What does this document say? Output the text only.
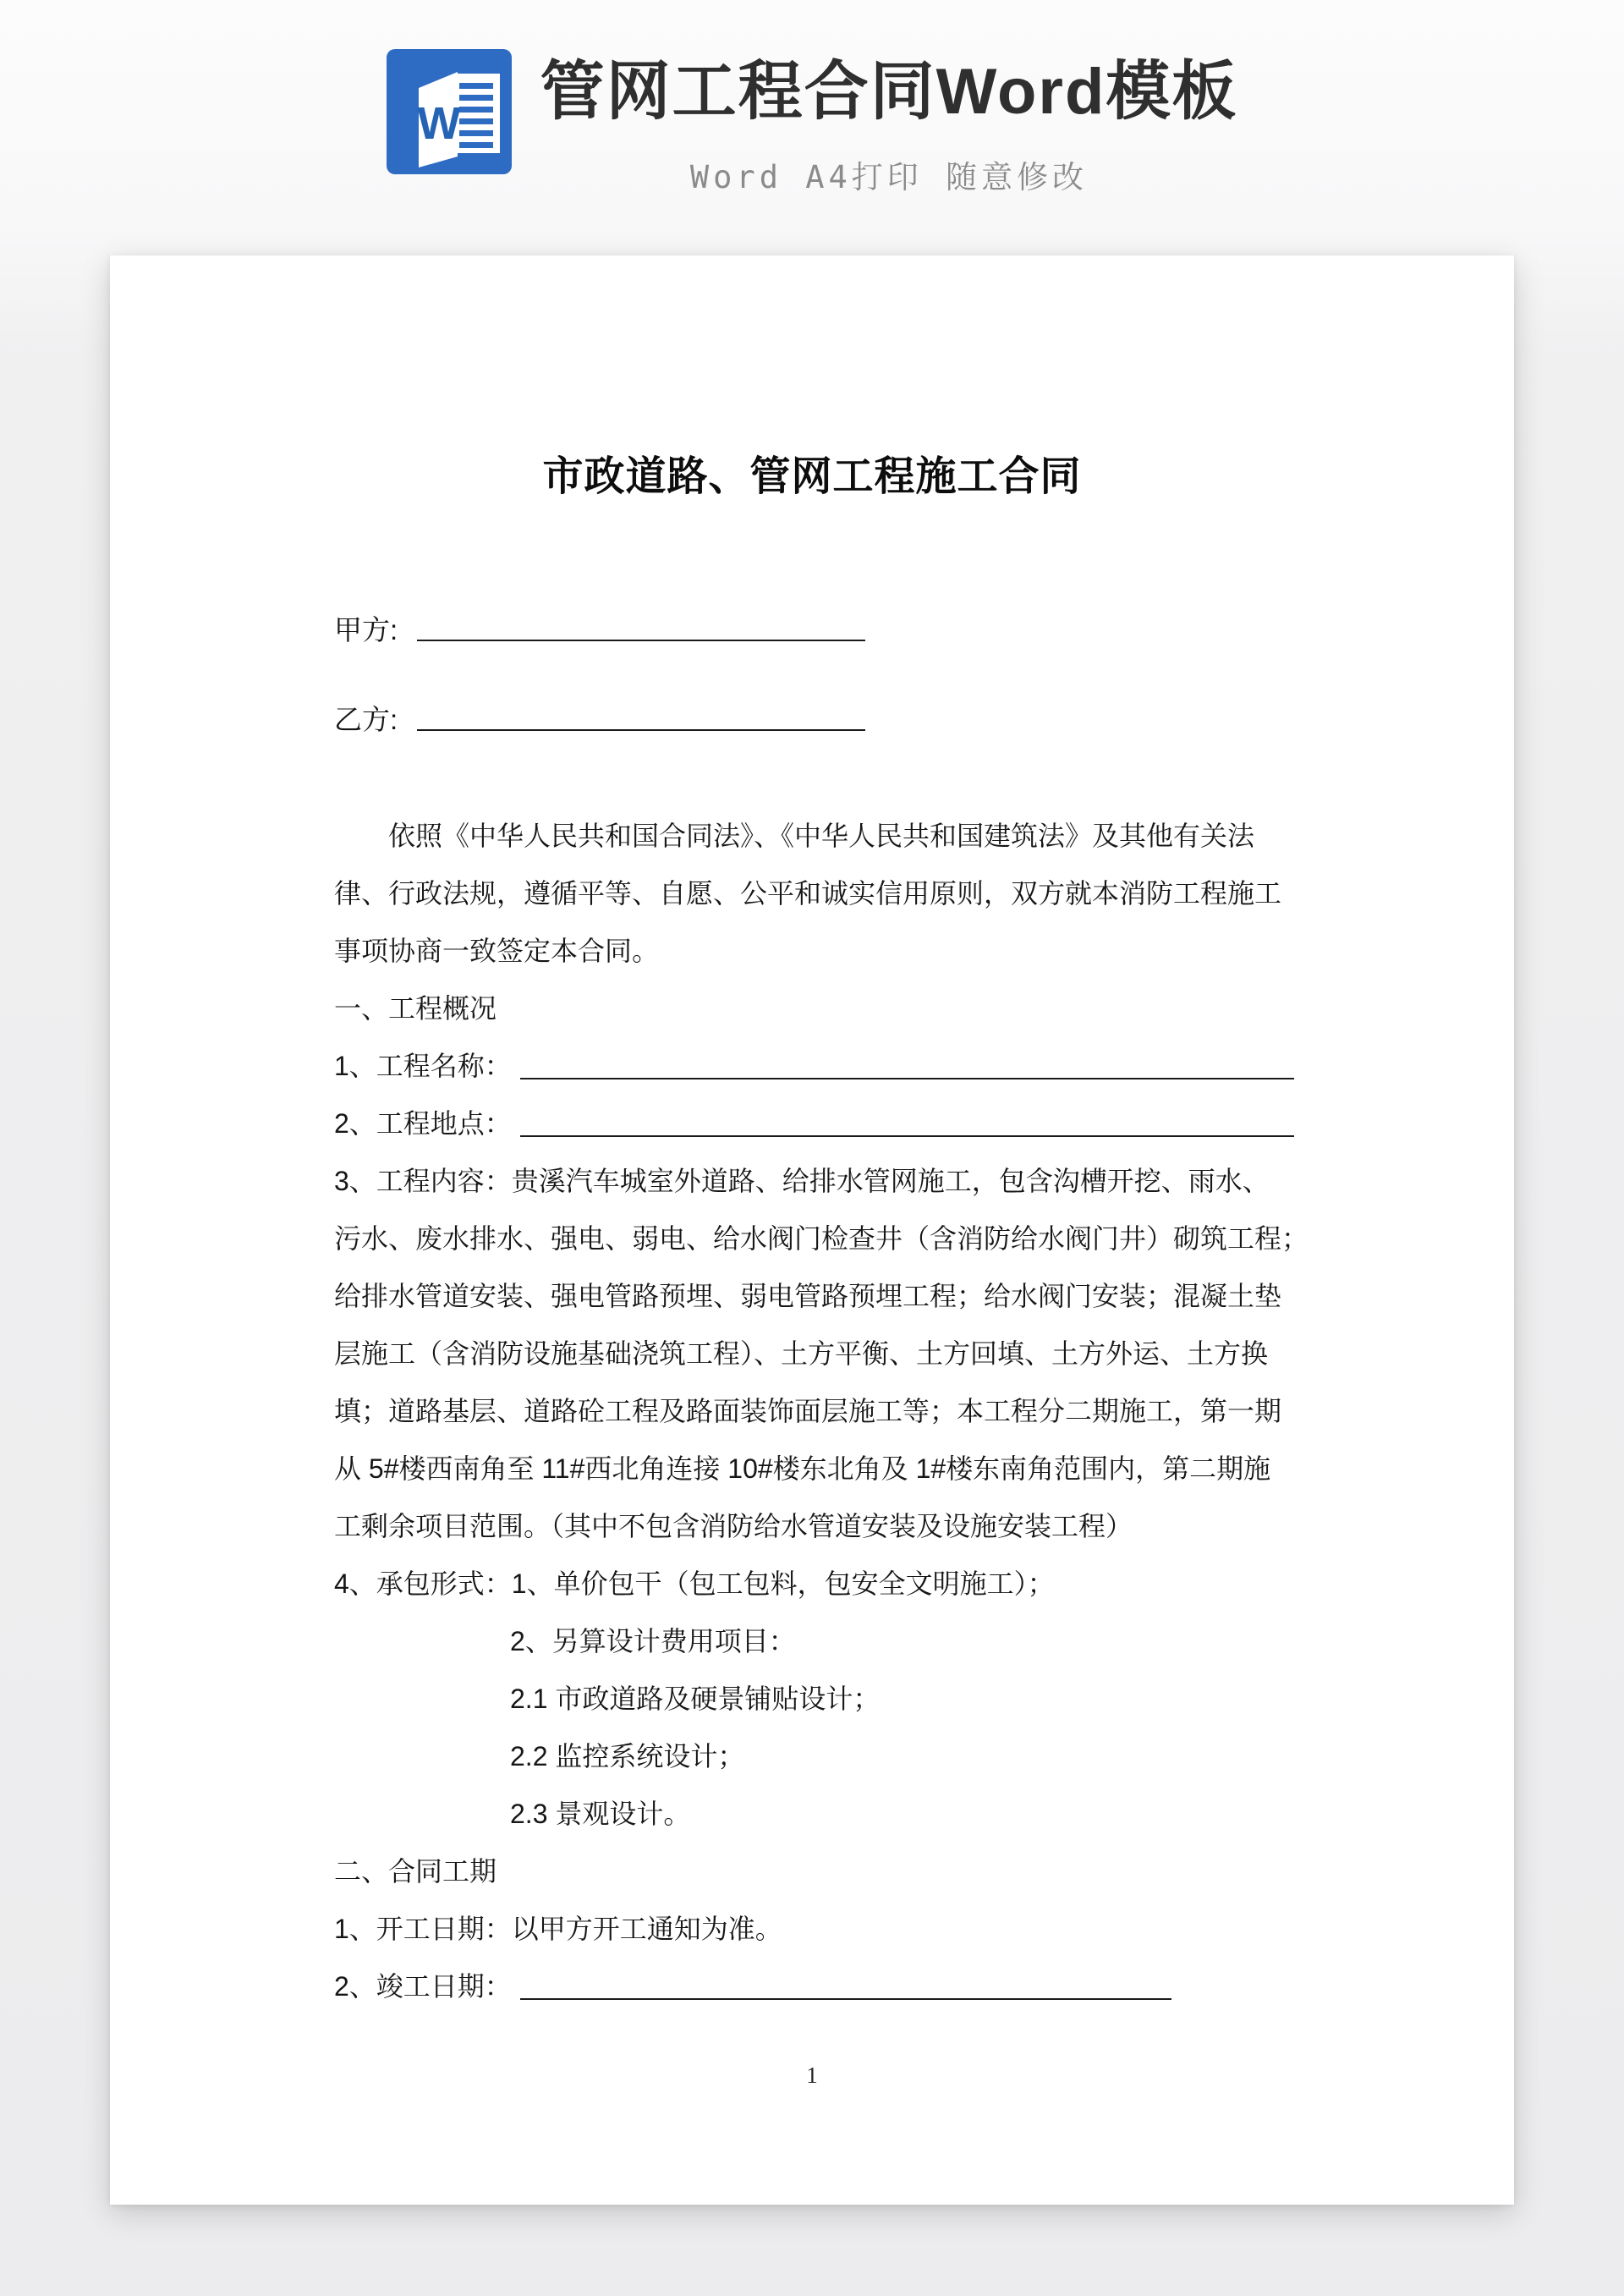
W 管网工程合同Word模板
Word A4打印 随意修改
市政道路、管网工程施工合同
甲方:
乙方:
依照《中华人民共和国合同法》、《中华人民共和国建筑法》及其他有关法
律、行政法规，遵循平等、自愿、公平和诚实信用原则，双方就本消防工程施工
事项协商一致签定本合同。
一、工程概况
1、工程名称：
2、工程地点：
3、工程内容：贵溪汽车城室外道路、给排水管网施工，包含沟槽开挖、雨水、
污水、废水排水、强电、弱电、给水阀门检查井（含消防给水阀门井）砌筑工程；
给排水管道安装、强电管路预埋、弱电管路预埋工程；给水阀门安装；混凝土垫
层施工（含消防设施基础浇筑工程）、土方平衡、土方回填、土方外运、土方换
填；道路基层、道路砼工程及路面装饰面层施工等；本工程分二期施工，第一期
从 5#楼西南角至 11#西北角连接 10#楼东北角及 1#楼东南角范围内，第二期施
工剩余项目范围。（其中不包含消防给水管道安装及设施安装工程）
4、承包形式：1、单价包干（包工包料，包安全文明施工）；
2、另算设计费用项目：
2.1 市政道路及硬景铺贴设计；
2.2 监控系统设计；
2.3 景观设计。
二、合同工期
1、开工日期：以甲方开工通知为准。
2、竣工日期：
1
